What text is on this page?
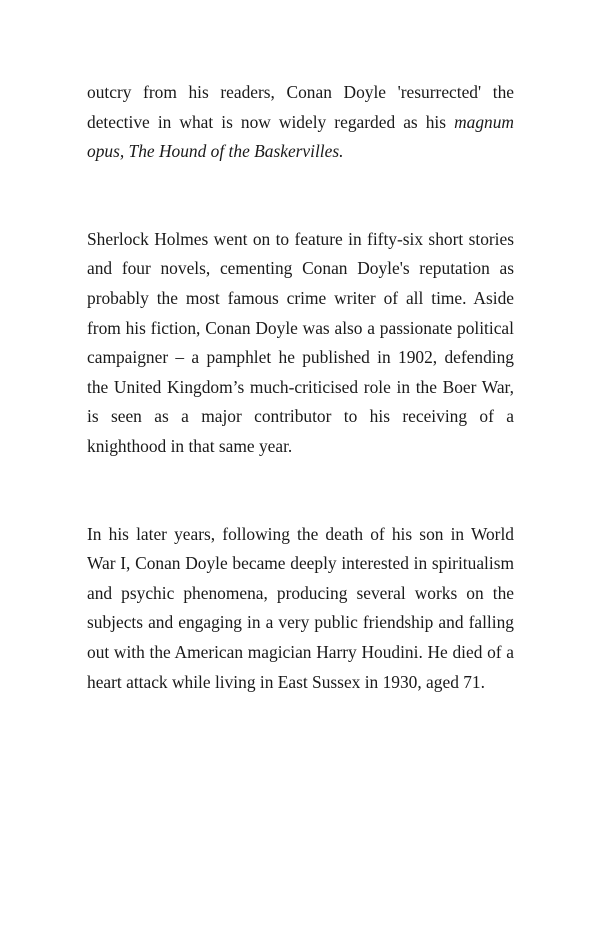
outcry from his readers, Conan Doyle 'resurrected' the detective in what is now widely regarded as his magnum opus, The Hound of the Baskervilles.

Sherlock Holmes went on to feature in fifty-six short stories and four novels, cementing Conan Doyle's reputation as probably the most famous crime writer of all time. Aside from his fiction, Conan Doyle was also a passionate political campaigner – a pamphlet he published in 1902, defending the United Kingdom’s much-criticised role in the Boer War, is seen as a major contributor to his receiving of a knighthood in that same year.

In his later years, following the death of his son in World War I, Conan Doyle became deeply interested in spiritualism and psychic phenomena, producing several works on the subjects and engaging in a very public friendship and falling out with the American magician Harry Houdini. He died of a heart attack while living in East Sussex in 1930, aged 71.
